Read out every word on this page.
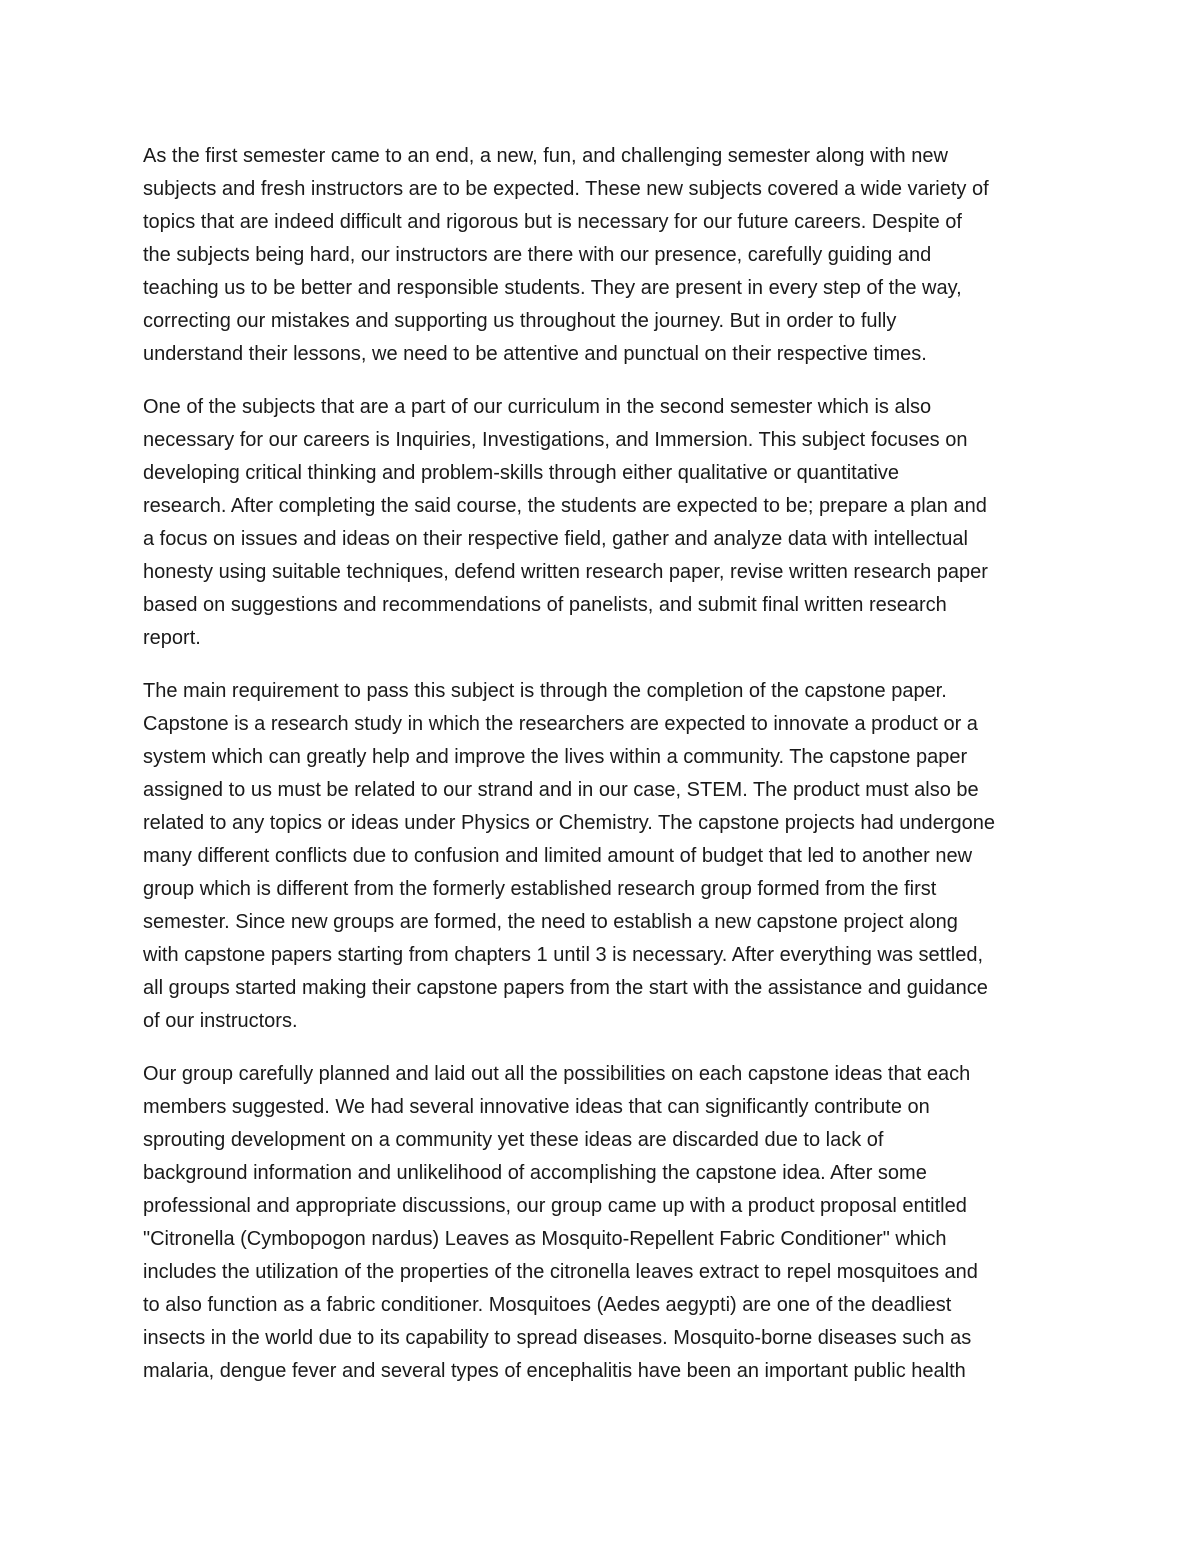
As the first semester came to an end, a new, fun, and challenging semester along with new
subjects and fresh instructors are to be expected. These new subjects covered a wide variety of
topics that are indeed difficult and rigorous but is necessary for our future careers. Despite of
the subjects being hard, our instructors are there with our presence, carefully guiding and
teaching us to be better and responsible students. They are present in every step of the way,
correcting our mistakes and supporting us throughout the journey. But in order to fully
understand their lessons, we need to be attentive and punctual on their respective times.

One of the subjects that are a part of our curriculum in the second semester which is also
necessary for our careers is Inquiries, Investigations, and Immersion. This subject focuses on
developing critical thinking and problem-skills through either qualitative or quantitative
research. After completing the said course, the students are expected to be; prepare a plan and
a focus on issues and ideas on their respective field, gather and analyze data with intellectual
honesty using suitable techniques, defend written research paper, revise written research paper
based on suggestions and recommendations of panelists, and submit final written research
report.

The main requirement to pass this subject is through the completion of the capstone paper.
Capstone is a research study in which the researchers are expected to innovate a product or a
system which can greatly help and improve the lives within a community. The capstone paper
assigned to us must be related to our strand and in our case, STEM. The product must also be
related to any topics or ideas under Physics or Chemistry. The capstone projects had undergone
many different conflicts due to confusion and limited amount of budget that led to another new
group which is different from the formerly established research group formed from the first
semester. Since new groups are formed, the need to establish a new capstone project along
with capstone papers starting from chapters 1 until 3 is necessary. After everything was settled,
all groups started making their capstone papers from the start with the assistance and guidance
of our instructors.

Our group carefully planned and laid out all the possibilities on each capstone ideas that each
members suggested. We had several innovative ideas that can significantly contribute on
sprouting development on a community yet these ideas are discarded due to lack of
background information and unlikelihood of accomplishing the capstone idea. After some
professional and appropriate discussions, our group came up with a product proposal entitled
"Citronella (Cymbopogon nardus) Leaves as Mosquito-Repellent Fabric Conditioner" which
includes the utilization of the properties of the citronella leaves extract to repel mosquitoes and
to also function as a fabric conditioner. Mosquitoes (Aedes aegypti) are one of the deadliest
insects in the world due to its capability to spread diseases. Mosquito-borne diseases such as
malaria, dengue fever and several types of encephalitis have been an important public health
